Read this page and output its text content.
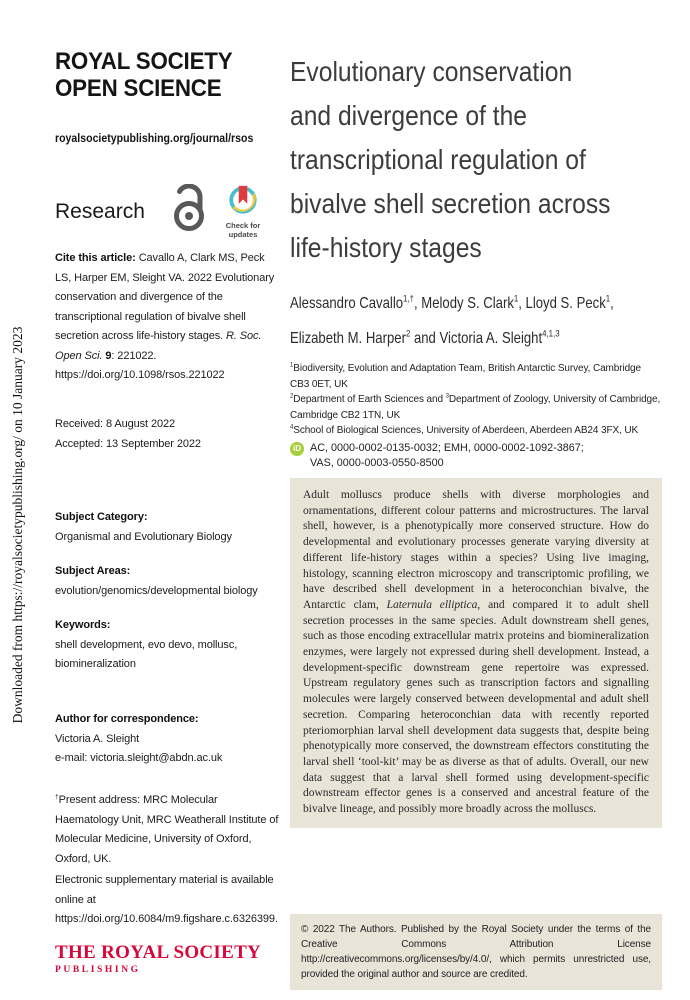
Downloaded from https://royalsocietypublishing.org/ on 10 January 2023
ROYAL SOCIETY
OPEN SCIENCE
royalsocietypublishing.org/journal/rsos
Research
Check for
updates

Cite this article: Cavallo A, Clark MS, Peck LS, Harper EM, Sleight VA. 2022 Evolutionary conservation and divergence of the transcriptional regulation of bivalve shell secretion across life-history stages. R. Soc. Open Sci. 9: 221022.
https://doi.org/10.1098/rsos.221022

Received: 8 August 2022
Accepted: 13 September 2022
Subject Category:
Organismal and Evolutionary Biology
Subject Areas:
evolution/genomics/developmental biology
Keywords:
shell development, evo devo, mollusc, biomineralization
Author for correspondence:
Victoria A. Sleight
e-mail: victoria.sleight@abdn.ac.uk

†Present address: MRC Molecular Haematology Unit, MRC Weatherall Institute of Molecular Medicine, University of Oxford, Oxford, UK.

Electronic supplementary material is available online at https://doi.org/10.6084/m9.figshare.c.6326399.

THE ROYAL SOCIETY
PUBLISHING
Evolutionary conservation
and divergence of the
transcriptional regulation of
bivalve shell secretion across
life-history stages
Alessandro Cavallo$^{1,\dagger}$, Melody S. Clark$^1$, Lloyd S. Peck$^1$,
Elizabeth M. Harper$^2$ and Victoria A. Sleight$^{4,1,3}$
$^1$Biodiversity, Evolution and Adaptation Team, British Antarctic Survey, Cambridge CB3 0ET, UK
$^2$Department of Earth Sciences and $^3$Department of Zoology, University of Cambridge, Cambridge CB2 1TN, UK
$^4$School of Biological Sciences, University of Aberdeen, Aberdeen AB24 3FX, UK
iD AC, 0000-0002-0135-0032; EMH, 0000-0002-1092-3867;
VAS, 0000-0003-0550-8500

Adult molluscs produce shells with diverse morphologies and ornamentations, different colour patterns and microstructures. The larval shell, however, is a phenotypically more conserved structure. How do developmental and evolutionary processes generate varying diversity at different life-history stages within a species? Using live imaging, histology, scanning electron microscopy and transcriptomic profiling, we have described shell development in a heteroconchian bivalve, the Antarctic clam, Laternula elliptica, and compared it to adult shell secretion processes in the same species. Adult downstream shell genes, such as those encoding extracellular matrix proteins and biomineralization enzymes, were largely not expressed during shell development. Instead, a development-specific downstream gene repertoire was expressed. Upstream regulatory genes such as transcription factors and signalling molecules were largely conserved between developmental and adult shell secretion. Comparing heteroconchian data with recently reported pteriomorphian larval shell development data suggests that, despite being phenotypically more conserved, the downstream effectors constituting the larval shell ‘tool-kit’ may be as diverse as that of adults. Overall, our new data suggest that a larval shell formed using development-specific downstream effector genes is a conserved and ancestral feature of the bivalve lineage, and possibly more broadly across the molluscs.

© 2022 The Authors. Published by the Royal Society under the terms of the Creative Commons Attribution License http://creativecommons.org/licenses/by/4.0/, which permits unrestricted use, provided the original author and source are credited.
